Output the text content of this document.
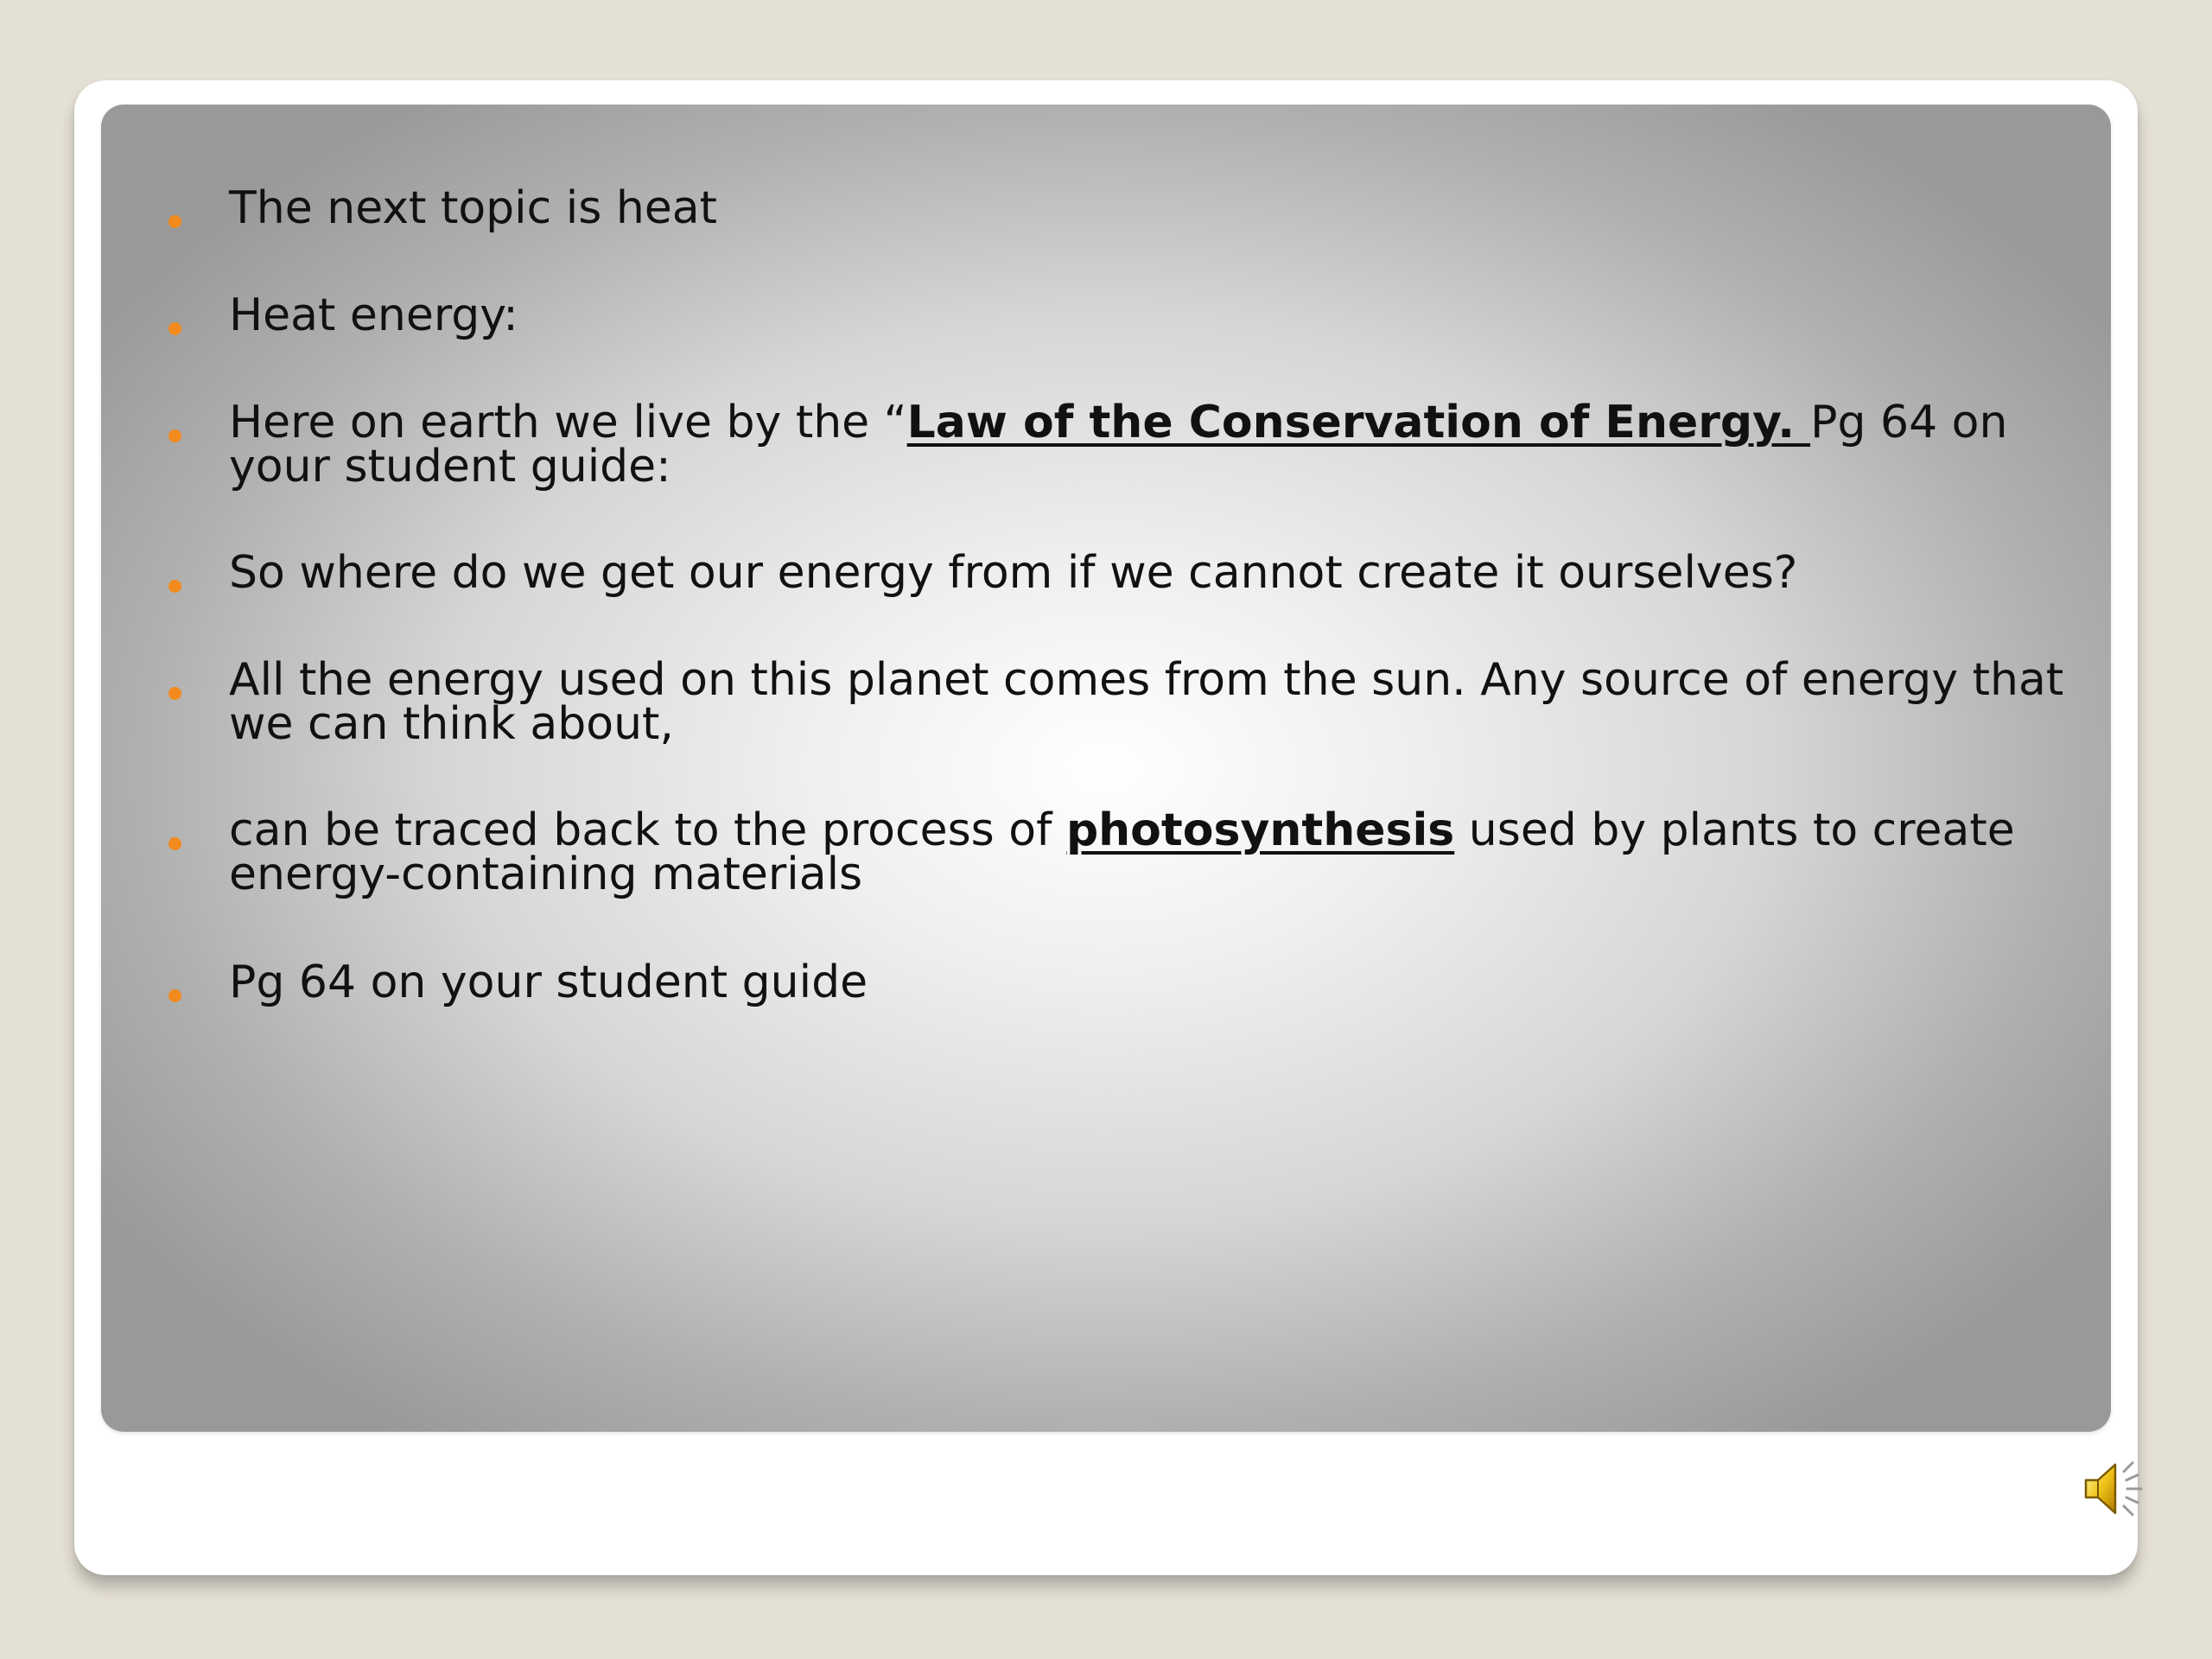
The next topic is heat
Heat energy:
Here on earth we live by the “Law of the Conservation of Energy. Pg 64 on your student guide:
So where do we get our energy from if we cannot create it ourselves?
All the energy used on this planet comes from the sun. Any source of energy that we can think about,
can be traced back to the process of photosynthesis used by plants to create energy-containing materials
Pg 64 on your student guide
